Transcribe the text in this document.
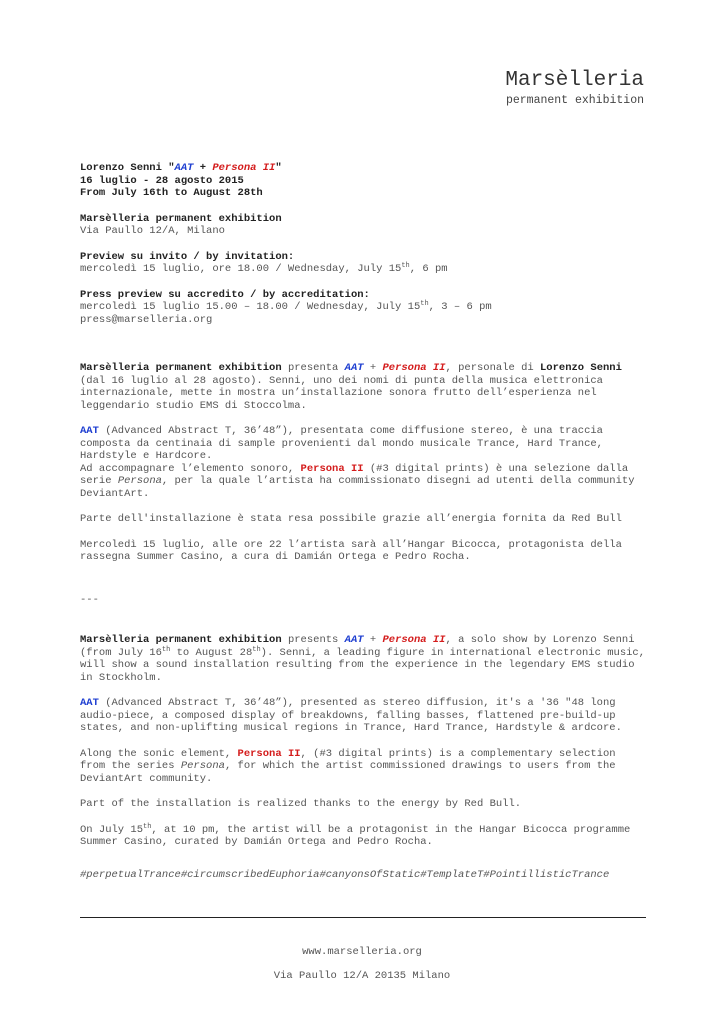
Marsèlleria
permanent exhibition
Lorenzo Senni "AAT + Persona II"
16 luglio - 28 agosto 2015
From July 16th to August 28th
Marsèlleria permanent exhibition
Via Paullo 12/A, Milano
Preview su invito / by invitation:
mercoledì 15 luglio, ore 18.00 / Wednesday, July 15th, 6 pm
Press preview su accredito / by accreditation:
mercoledì 15 luglio 15.00 – 18.00 / Wednesday, July 15th, 3 – 6 pm
press@marselleria.org
Marsèlleria permanent exhibition presenta AAT + Persona II, personale di Lorenzo Senni (dal 16 luglio al 28 agosto). Senni, uno dei nomi di punta della musica elettronica internazionale, mette in mostra un’installazione sonora frutto dell’esperienza nel leggendario studio EMS di Stoccolma.
AAT (Advanced Abstract T, 36’48”), presentata come diffusione stereo, è una traccia composta da centinaia di sample provenienti dal mondo musicale Trance, Hard Trance, Hardstyle e Hardcore.
Ad accompagnare l’elemento sonoro, Persona II (#3 digital prints) è una selezione dalla serie Persona, per la quale l’artista ha commissionato disegni ad utenti della community DeviantArt.
Parte dell'installazione è stata resa possibile grazie all’energia fornita da Red Bull
Mercoledì 15 luglio, alle ore 22 l’artista sarà all’Hangar Bicocca, protagonista della rassegna Summer Casino, a cura di Damián Ortega e Pedro Rocha.
---
Marsèlleria permanent exhibition presents AAT + Persona II, a solo show by Lorenzo Senni (from July 16th to August 28th). Senni, a leading figure in international electronic music, will show a sound installation resulting from the experience in the legendary EMS studio in Stockholm.
AAT (Advanced Abstract T, 36’48”), presented as stereo diffusion, it's a '36 "48 long audio-piece, a composed display of breakdowns, falling basses, flattened pre-build-up states, and non-uplifting musical regions in Trance, Hard Trance, Hardstyle & ardcore.
Along the sonic element, Persona II, (#3 digital prints) is a complementary selection from the series Persona, for which the artist commissioned drawings to users from the DeviantArt community.
Part of the installation is realized thanks to the energy by Red Bull.
On July 15th, at 10 pm, the artist will be a protagonist in the Hangar Bicocca programme Summer Casino, curated by Damián Ortega and Pedro Rocha.
#perpetualTrance#circumscribedEuphoria#canyonsOfStatic#TemplateT#PointillisticTrance
www.marselleria.org
Via Paullo 12/A 20135 Milano
